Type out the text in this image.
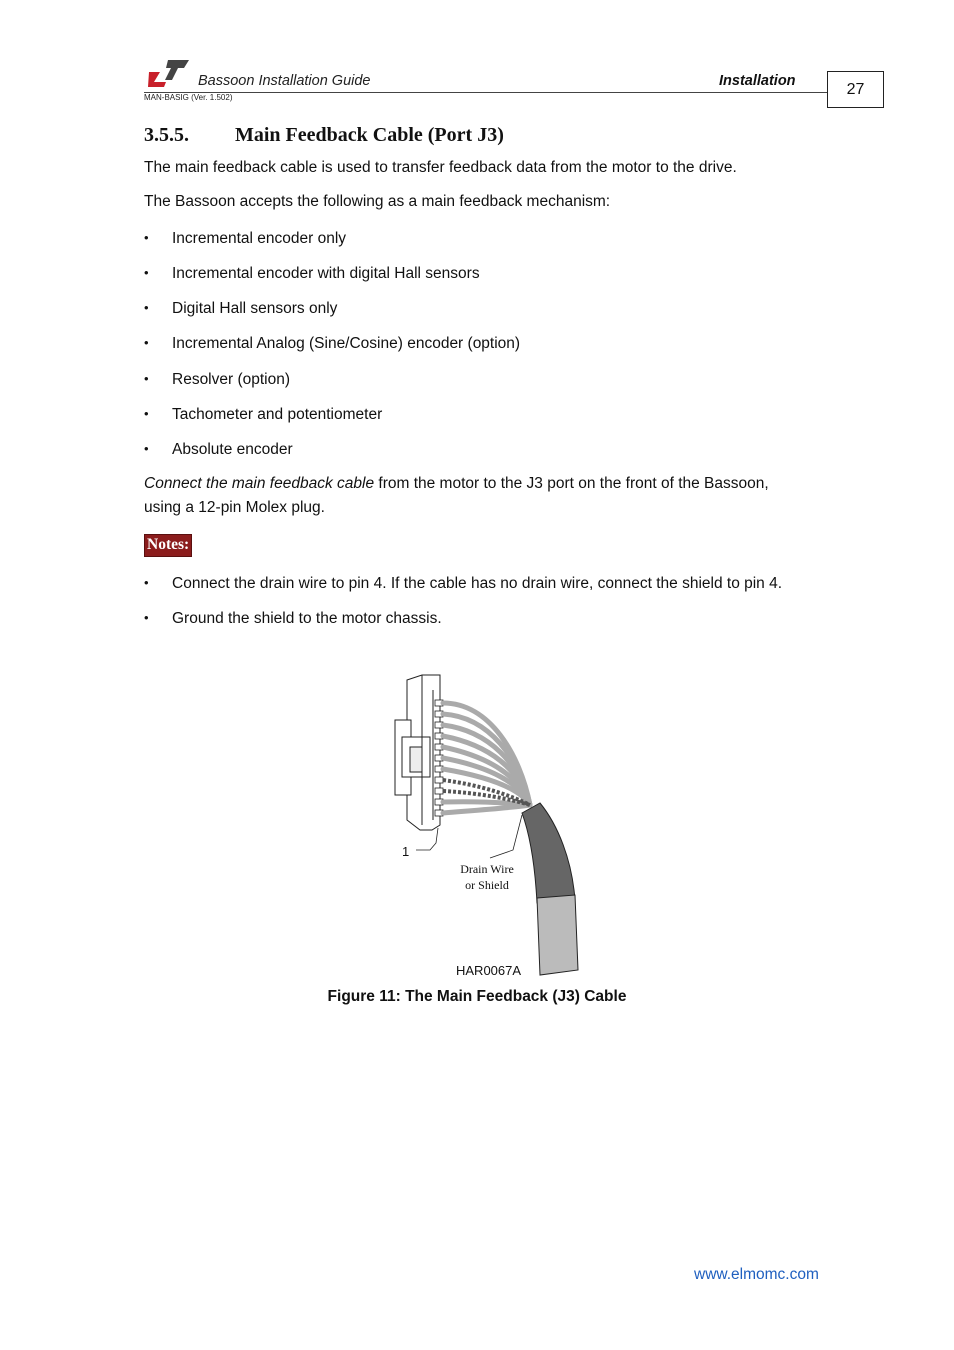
Bassoon Installation Guide	Installation
MAN-BASIG (Ver. 1.502)	27
3.5.5. Main Feedback Cable (Port J3)
The main feedback cable is used to transfer feedback data from the motor to the drive.
The Bassoon accepts the following as a main feedback mechanism:
• Incremental encoder only
• Incremental encoder with digital Hall sensors
• Digital Hall sensors only
• Incremental Analog (Sine/Cosine) encoder (option)
• Resolver (option)
• Tachometer and potentiometer
• Absolute encoder
Connect the main feedback cable from the motor to the J3 port on the front of the Bassoon,
using a 12-pin Molex plug.
Notes:
• Connect the drain wire to pin 4. If the cable has no drain wire, connect the shield to pin 4.
• Ground the shield to the motor chassis.
1
Drain Wire
or Shield
HAR0067A
Figure 11: The Main Feedback (J3) Cable
www.elmomc.com
